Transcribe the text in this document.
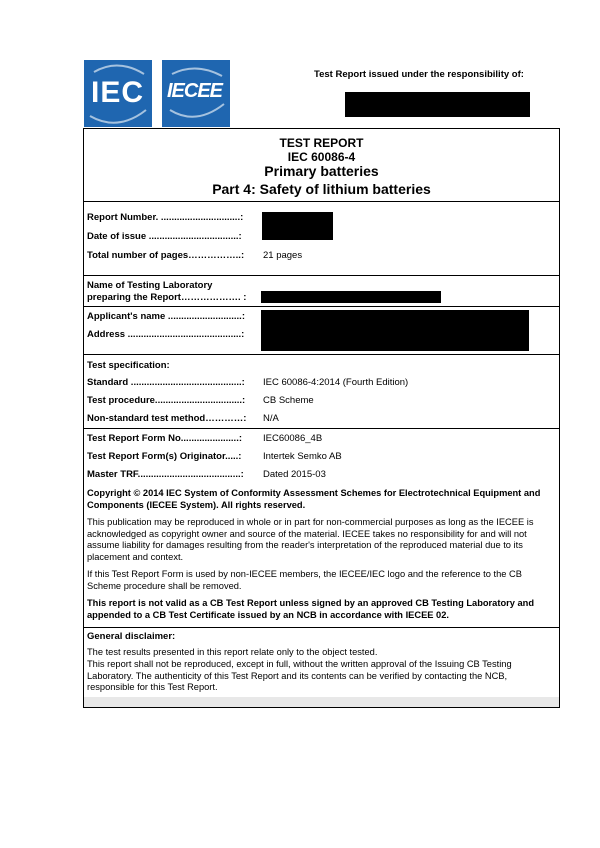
IEC IECEE
Test Report issued under the responsibility of:
TEST REPORT
IEC 60086-4
Primary batteries
Part 4: Safety of lithium batteries
Report Number. ..............................:
Date of issue ..................................:
Total number of pages……………..: 21 pages
Name of Testing Laboratory
preparing the Report………………. :
Applicant's name ............................:
Address ...........................................:
Test specification:
Standard ..........................................: IEC 60086-4:2014 (Fourth Edition)
Test procedure.................................: CB Scheme
Non-standard test method…………: N/A
Test Report Form No......................: IEC60086_4B
Test Report Form(s) Originator.....: Intertek Semko AB
Master TRF.......................................: Dated 2015-03
Copyright © 2014 IEC System of Conformity Assessment Schemes for Electrotechnical Equipment and Components (IECEE System). All rights reserved.
This publication may be reproduced in whole or in part for non-commercial purposes as long as the IECEE is acknowledged as copyright owner and source of the material. IECEE takes no responsibility for and will not assume liability for damages resulting from the reader's interpretation of the reproduced material due to its placement and context.
If this Test Report Form is used by non-IECEE members, the IECEE/IEC logo and the reference to the CB Scheme procedure shall be removed.
This report is not valid as a CB Test Report unless signed by an approved CB Testing Laboratory and appended to a CB Test Certificate issued by an NCB in accordance with IECEE 02.
General disclaimer:
The test results presented in this report relate only to the object tested.
This report shall not be reproduced, except in full, without the written approval of the Issuing CB Testing Laboratory. The authenticity of this Test Report and its contents can be verified by contacting the NCB, responsible for this Test Report.
